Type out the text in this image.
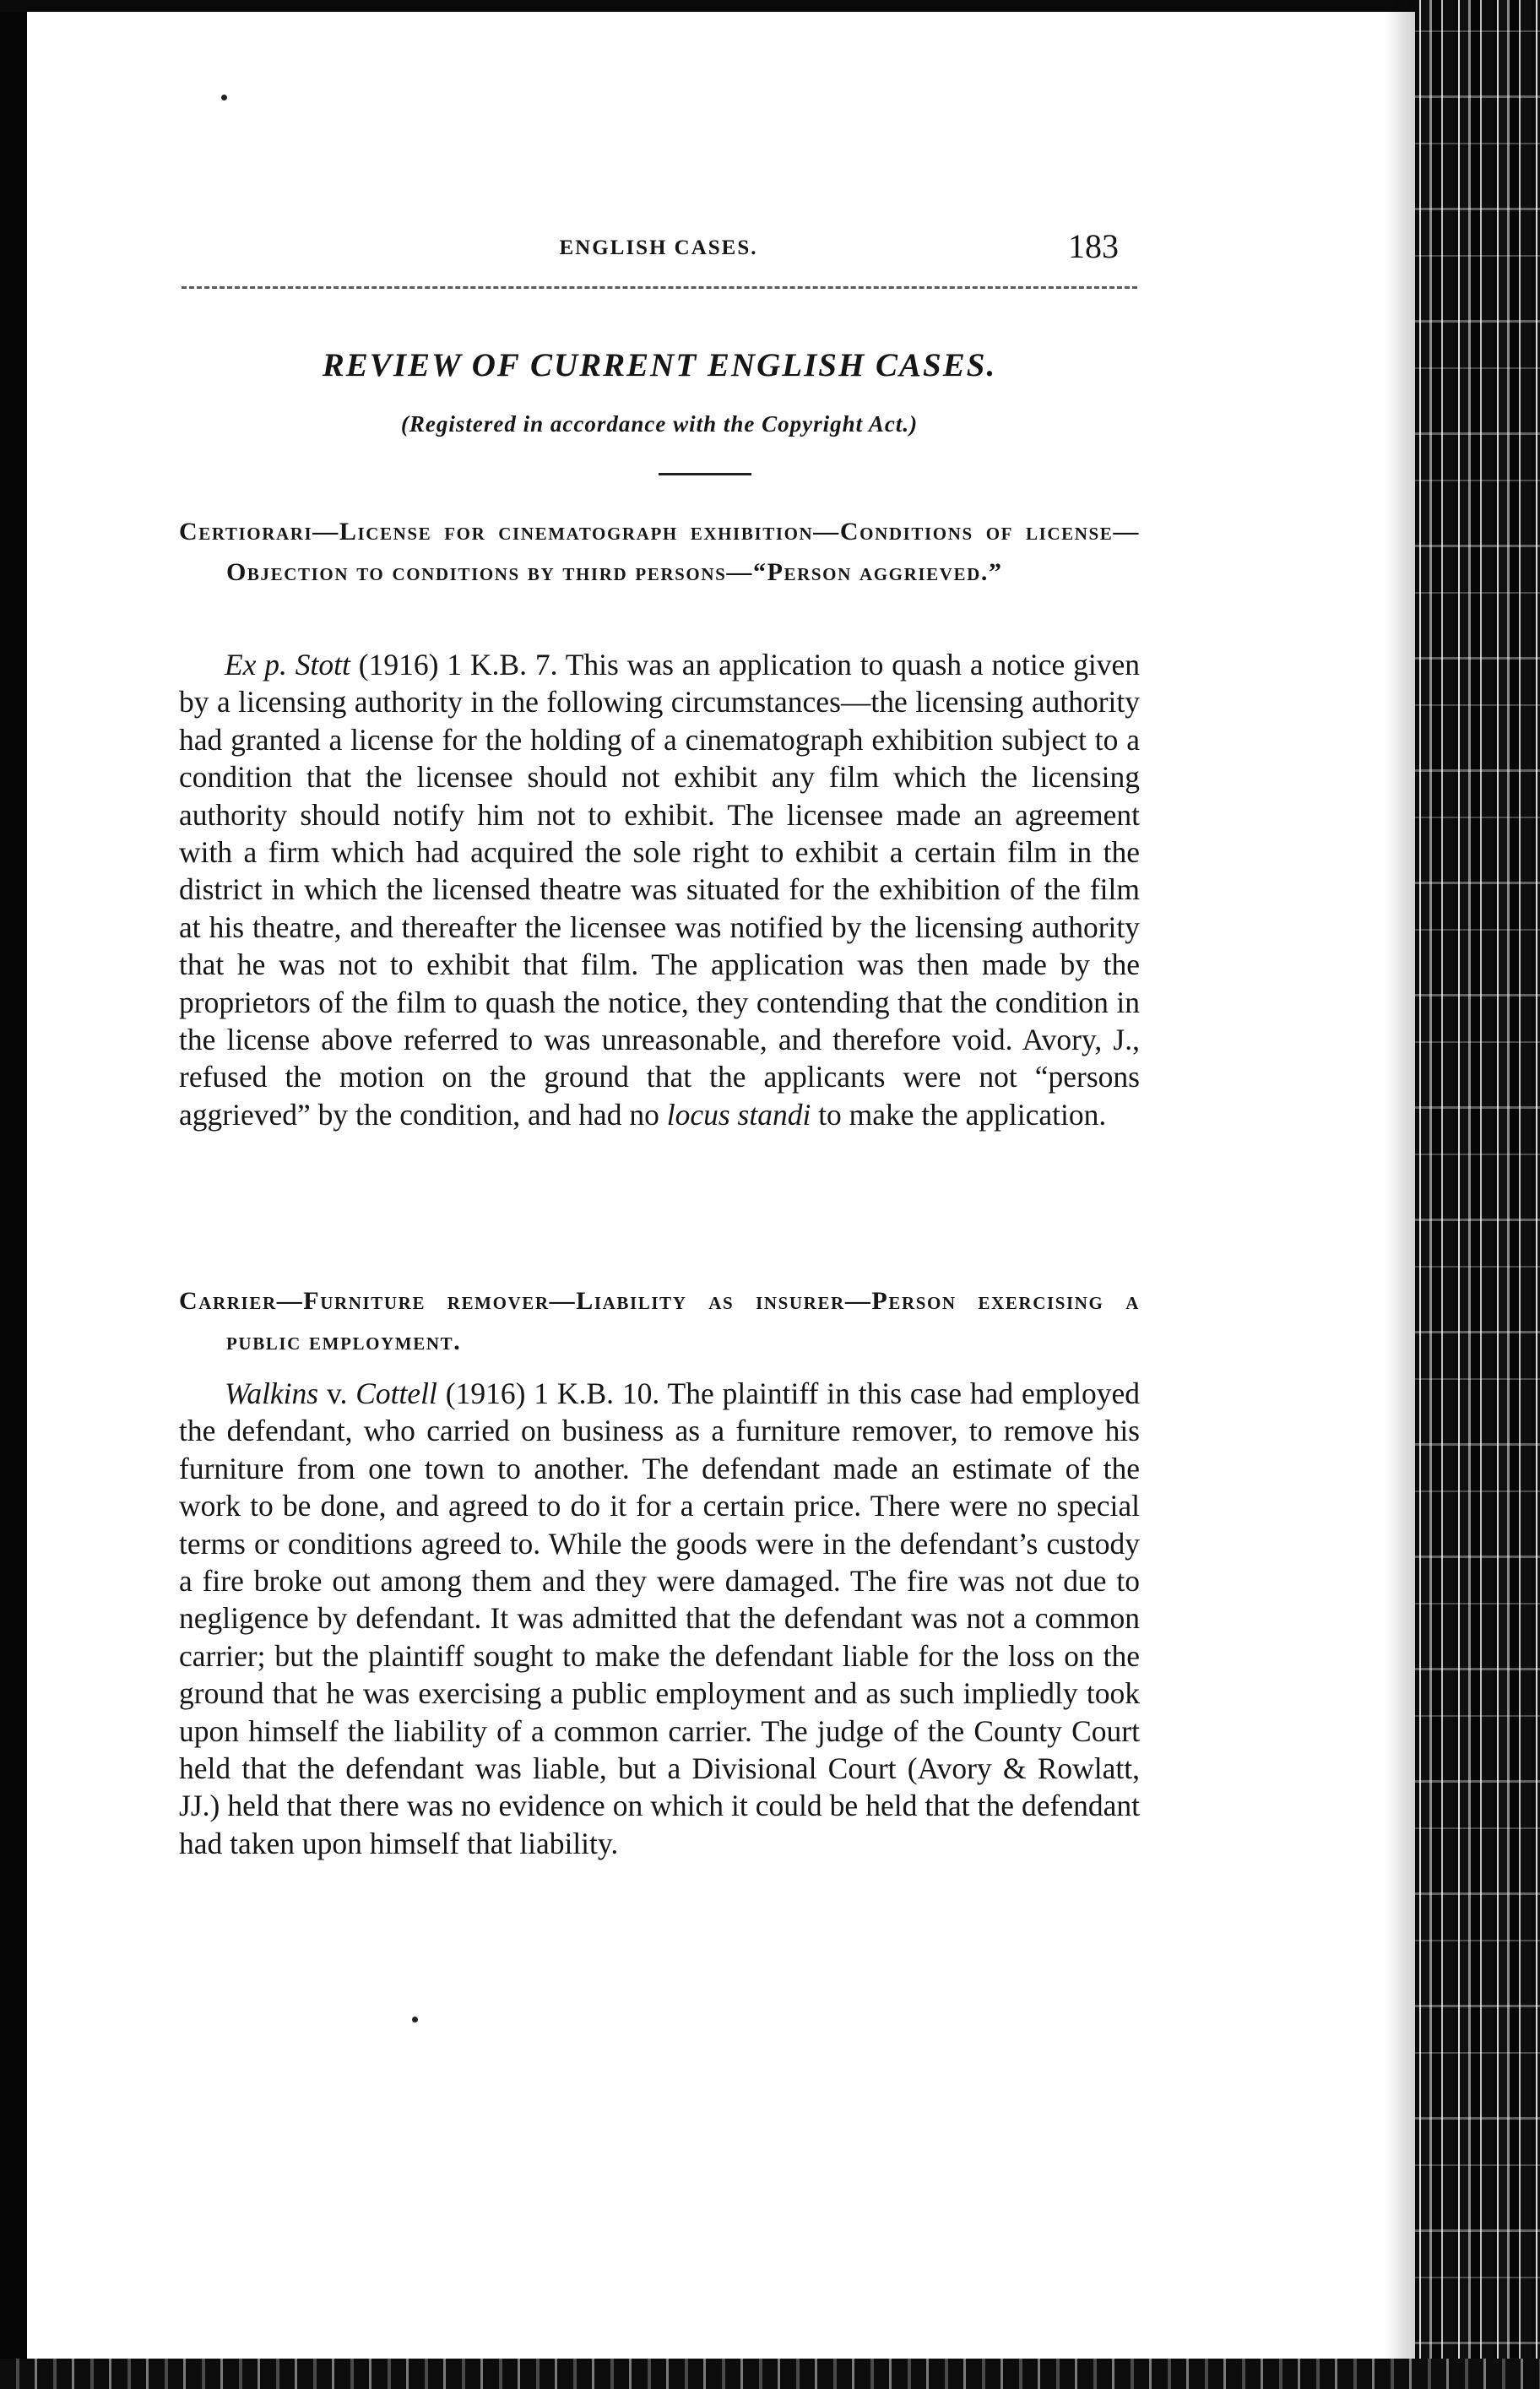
ENGLISH CASES.	183
REVIEW OF CURRENT ENGLISH CASES.

(Registered in accordance with the Copyright Act.)

Certiorari—License for cinematograph exhibition—Conditions of license—Objection to conditions by third persons—“Person aggrieved.”

Ex p. Stott (1916) 1 K.B. 7. This was an application to quash a notice given by a licensing authority in the following circumstances—the licensing authority had granted a license for the holding of a cinematograph exhibition subject to a condition that the licensee should not exhibit any film which the licensing authority should notify him not to exhibit. The licensee made an agreement with a firm which had acquired the sole right to exhibit a certain film in the district in which the licensed theatre was situated for the exhibition of the film at his theatre, and thereafter the licensee was notified by the licensing authority that he was not to exhibit that film. The application was then made by the proprietors of the film to quash the notice, they contending that the condition in the license above referred to was unreasonable, and therefore void. Avory, J., refused the motion on the ground that the applicants were not “persons aggrieved” by the condition, and had no locus standi to make the application.

Carrier—Furniture remover—Liability as insurer—Person exercising a public employment.

Walkins v. Cottell (1916) 1 K.B. 10. The plaintiff in this case had employed the defendant, who carried on business as a furniture remover, to remove his furniture from one town to another. The defendant made an estimate of the work to be done, and agreed to do it for a certain price. There were no special terms or conditions agreed to. While the goods were in the defendant’s custody a fire broke out among them and they were damaged. The fire was not due to negligence by defendant. It was admitted that the defendant was not a common carrier; but the plaintiff sought to make the defendant liable for the loss on the ground that he was exercising a public employment and as such impliedly took upon himself the liability of a common carrier. The judge of the County Court held that the defendant was liable, but a Divisional Court (Avory & Rowlatt, JJ.) held that there was no evidence on which it could be held that the defendant had taken upon himself that liability.
